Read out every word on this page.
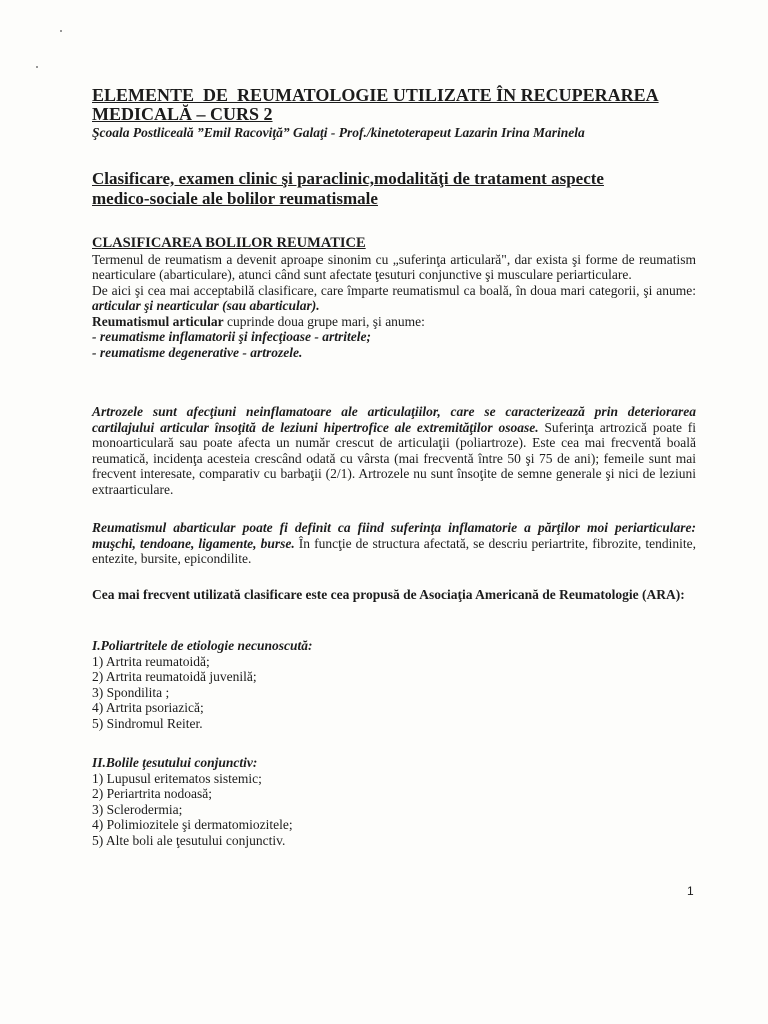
ELEMENTE  DE  REUMATOLOGIE UTILIZATE ÎN RECUPERAREA
MEDICALĂ – CURS 2

Şcoala Postliceală ”Emil Racoviţă” Galaţi - Prof./kinetoterapeut Lazarin Irina Marinela

Clasificare, examen clinic şi paraclinic,modalităţi de tratament aspecte
medico-sociale ale bolilor reumatismale

CLASIFICAREA BOLILOR REUMATICE

Termenul de reumatism a devenit aproape sinonim cu „suferinţa articulară", dar exista şi forme de reumatism nearticulare (abarticulare), atunci când sunt afectate ţesuturi conjunctive şi musculare periarticulare.

De aici şi cea mai acceptabilă clasificare, care împarte reumatismul ca boală, în doua mari categorii, şi anume: articular şi nearticular (sau abarticular).

Reumatismul articular cuprinde doua grupe mari, şi anume:

- reumatisme inflamatorii şi infecţioase - artritele;

- reumatisme degenerative - artrozele.

Artrozele sunt afecţiuni neinflamatoare ale articulaţiilor, care se caracterizează prin deteriorarea cartilajului articular însoţită de leziuni hipertrofice ale extremităţilor osoase. Suferinţa artrozică poate fi monoarticulară sau poate afecta un număr crescut de articulaţii (poliartroze). Este cea mai frecventă boală reumatică, incidenţa acesteia crescând odată cu vârsta (mai frecventă între 50 şi 75 de ani); femeile sunt mai frecvent interesate, comparativ cu barbaţii (2/1). Artrozele nu sunt însoţite de semne generale şi nici de leziuni extraarticulare.

Reumatismul abarticular poate fi definit ca fiind suferinţa inflamatorie a părţilor moi periarticulare: muşchi, tendoane, ligamente, burse. În funcţie de structura afectată, se descriu periartrite, fibrozite, tendinite, entezite, bursite, epicondilite.

Cea mai frecvent utilizată clasificare este cea propusă de Asociaţia Americană de Reumatologie (ARA):

I.Poliartritele de etiologie necunoscută:

1) Artrita reumatoidă;
2) Artrita reumatoidă juvenilă;
3) Spondilita ;
4) Artrita psoriazică;
5) Sindromul Reiter.

II.Bolile ţesutului conjunctiv:

1) Lupusul eritematos sistemic;
2) Periartrita nodoasă;
3) Sclerodermia;
4) Polimiozitele şi dermatomiozitele;
5) Alte boli ale ţesutului conjunctiv.
1
